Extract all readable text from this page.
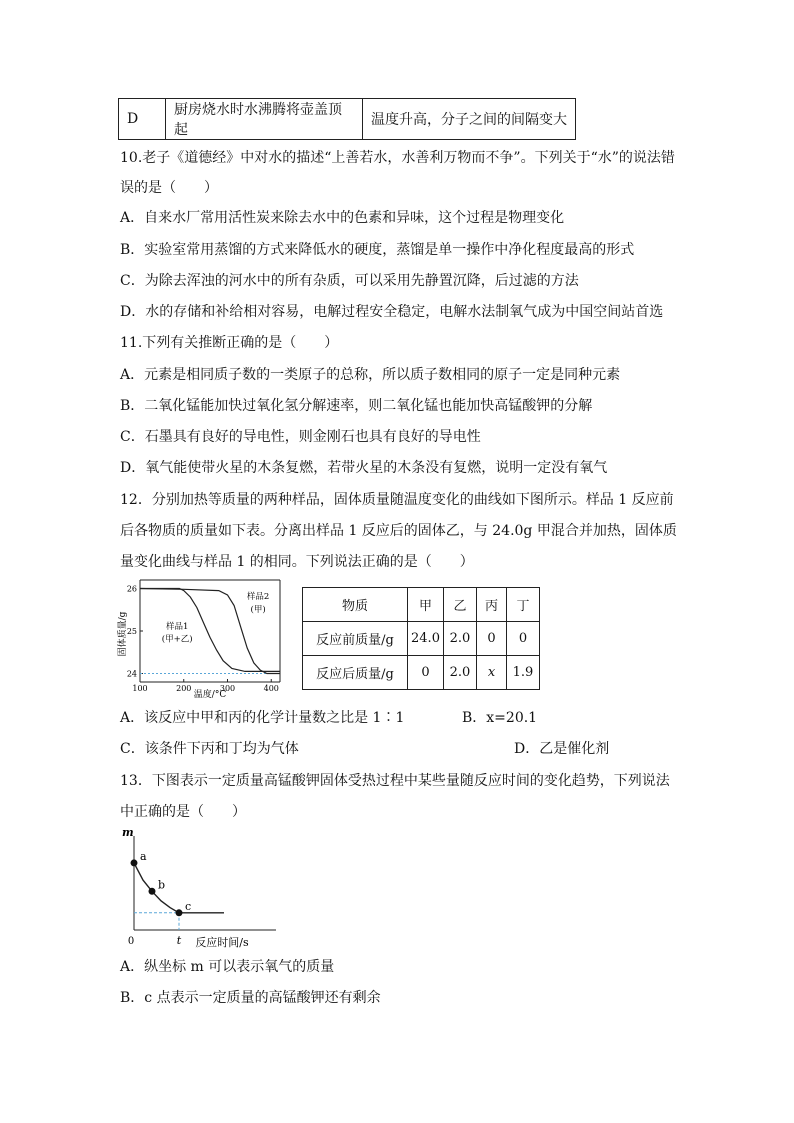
D	厨房烧水时水沸腾将壶盖顶起	温度升高，分子之间的间隔变大
10.老子《道德经》中对水的描述“上善若水，水善利万物而不争”。下列关于“水”的说法错
误的是（　　）
A．自来水厂常用活性炭来除去水中的色素和异味，这个过程是物理变化
B．实验室常用蒸馏的方式来降低水的硬度，蒸馏是单一操作中净化程度最高的形式
C．为除去浑浊的河水中的所有杂质，可以采用先静置沉降，后过滤的方法
D．水的存储和补给相对容易，电解过程安全稳定，电解水法制氧气成为中国空间站首选
11.下列有关推断正确的是（　　）
A．元素是相同质子数的一类原子的总称，所以质子数相同的原子一定是同种元素
B．二氧化锰能加快过氧化氢分解速率，则二氧化锰也能加快高锰酸钾的分解
C．石墨具有良好的导电性，则金刚石也具有良好的导电性
D．氧气能使带火星的木条复燃，若带火星的木条没有复燃，说明一定没有氧气
12．分别加热等质量的两种样品，固体质量随温度变化的曲线如下图所示。样品 1 反应前
后各物质的质量如下表。分离出样品 1 反应后的固体乙，与 24.0g 甲混合并加热，固体质
量变化曲线与样品 1 的相同。下列说法正确的是（　　）
固体质量/g
温度/°C
100	200	300	400
24
25
26
样品1
(甲+乙)
样品2
(甲)	物质	甲	乙	丙	丁
反应前质量/g	24.0	2.0	0	0
反应后质量/g	0	2.0	x	1.9
A．该反应中甲和丙的化学计量数之比是 1∶1	B．x=20.1
C．该条件下丙和丁均为气体	D．乙是催化剂
13．下图表示一定质量高锰酸钾固体受热过程中某些量随反应时间的变化趋势，下列说法
中正确的是（　　）
m
0	反应时间/s
t
a
b
c
A．纵坐标 m 可以表示氧气的质量
B．c 点表示一定质量的高锰酸钾还有剩余
